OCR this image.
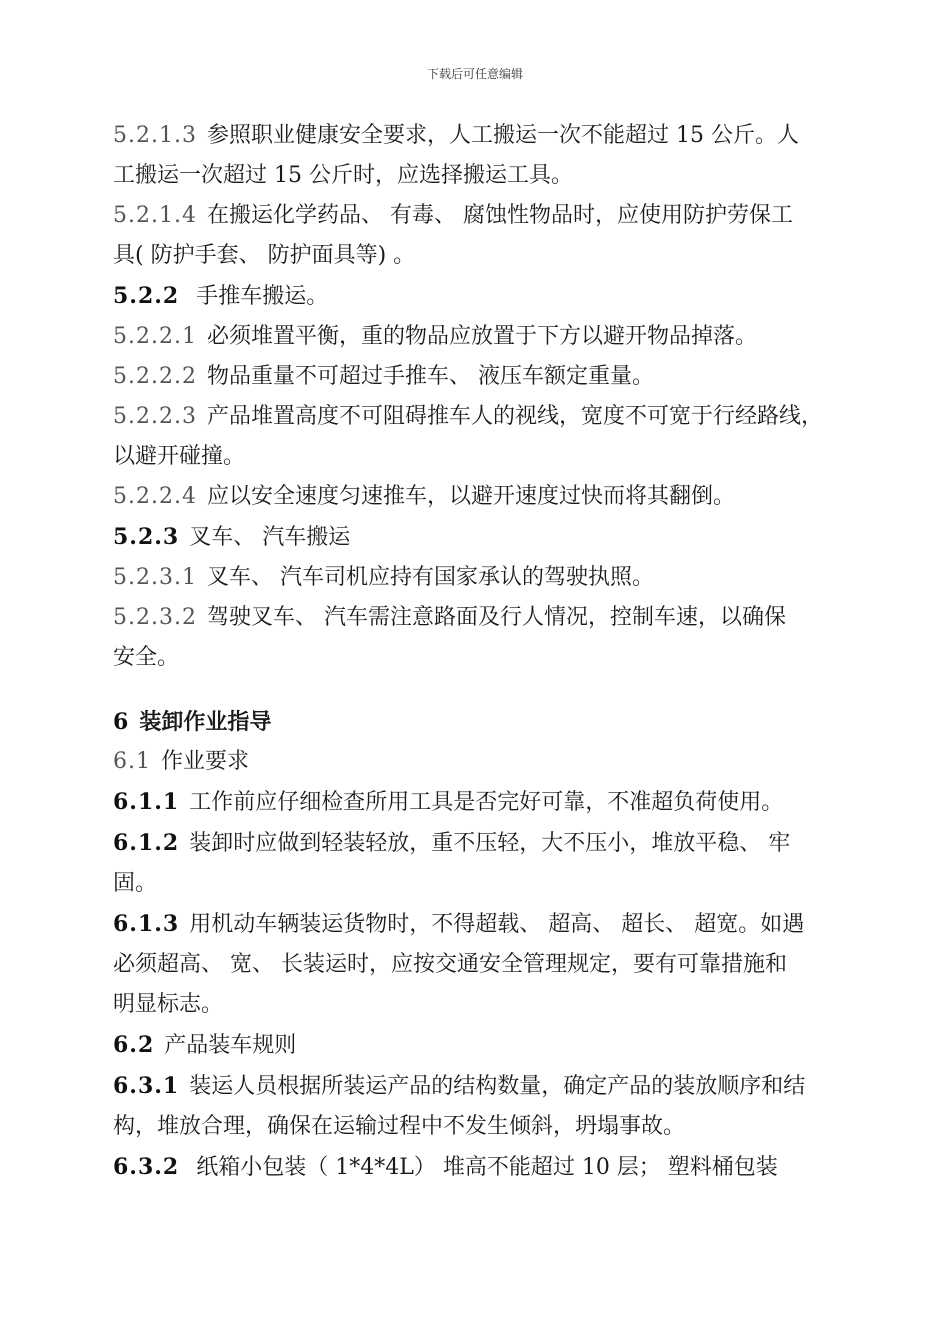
下载后可任意编辑

5.2.1.3 参照职业健康安全要求，人工搬运一次不能超过 15 公斤。人

工搬运一次超过 15 公斤时，应选择搬运工具。

5.2.1.4 在搬运化学药品、 有毒、 腐蚀性物品时，应使用防护劳保工

具( 防护手套、 防护面具等) 。

5.2.2 手推车搬运。

5.2.2.1 必须堆置平衡，重的物品应放置于下方以避开物品掉落。

5.2.2.2 物品重量不可超过手推车、 液压车额定重量。

5.2.2.3 产品堆置高度不可阻碍推车人的视线，宽度不可宽于行经路线，

以避开碰撞。

5.2.2.4 应以安全速度匀速推车，以避开速度过快而将其翻倒。

5.2.3 叉车、 汽车搬运

5.2.3.1 叉车、 汽车司机应持有国家承认的驾驶执照。

5.2.3.2 驾驶叉车、 汽车需注意路面及行人情况，控制车速，以确保

安全。

6 装卸作业指导

6.1 作业要求

6.1.1 工作前应仔细检查所用工具是否完好可靠，不准超负荷使用。

6.1.2 装卸时应做到轻装轻放，重不压轻，大不压小，堆放平稳、 牢

固。

6.1.3 用机动车辆装运货物时，不得超载、 超高、 超长、 超宽。如遇

必须超高、 宽、 长装运时，应按交通安全管理规定，要有可靠措施和

明显标志。

6.2 产品装车规则

6.3.1 装运人员根据所装运产品的结构数量，确定产品的装放顺序和结

构，堆放合理，确保在运输过程中不发生倾斜，坍塌事故。

6.3.2 纸箱小包装（ 1*4*4L） 堆高不能超过 10 层； 塑料桶包装
